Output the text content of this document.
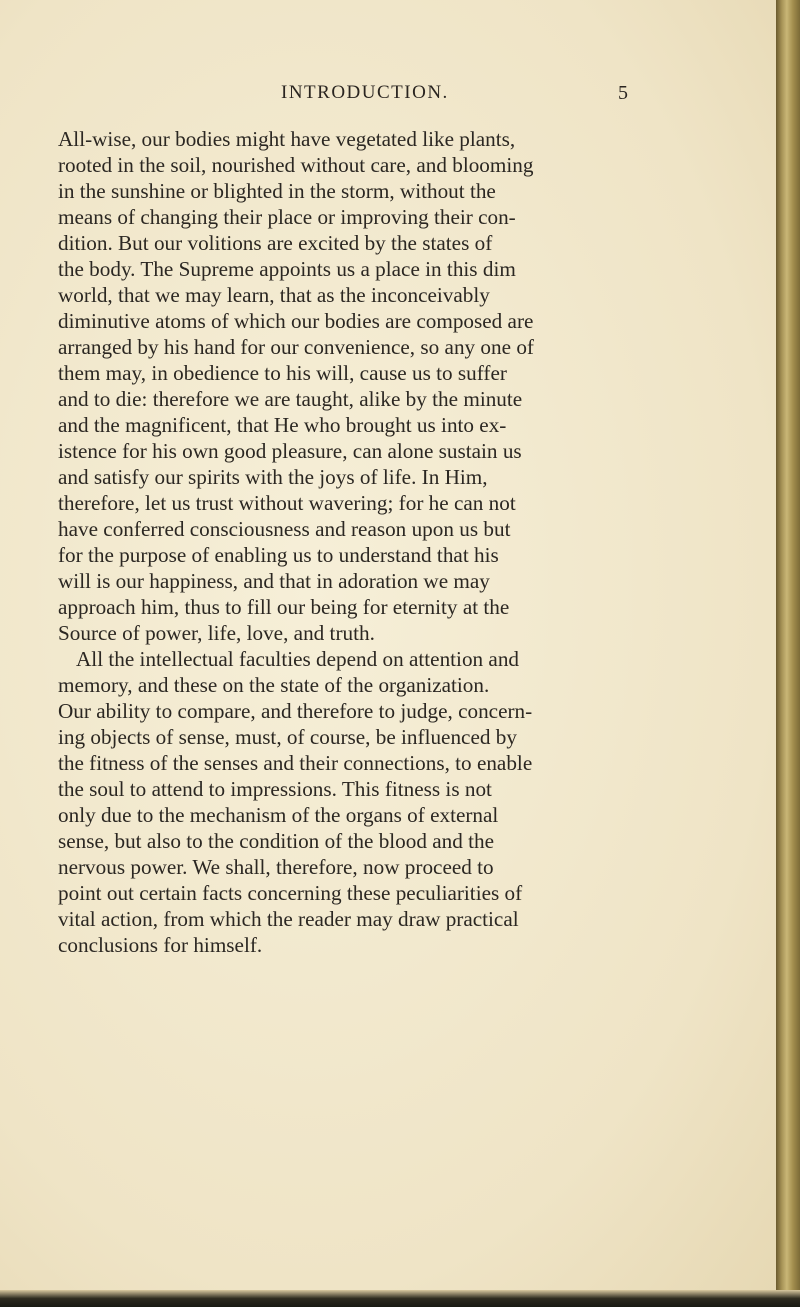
INTRODUCTION.	5
All-wise, our bodies might have vegetated like plants,
rooted in the soil, nourished without care, and blooming
in the sunshine or blighted in the storm, without the
means of changing their place or improving their con-
dition. But our volitions are excited by the states of
the body. The Supreme appoints us a place in this dim
world, that we may learn, that as the inconceivably
diminutive atoms of which our bodies are composed are
arranged by his hand for our convenience, so any one of
them may, in obedience to his will, cause us to suffer
and to die: therefore we are taught, alike by the minute
and the magnificent, that He who brought us into ex-
istence for his own good pleasure, can alone sustain us
and satisfy our spirits with the joys of life. In Him,
therefore, let us trust without wavering; for he can not
have conferred consciousness and reason upon us but
for the purpose of enabling us to understand that his
will is our happiness, and that in adoration we may
approach him, thus to fill our being for eternity at the
Source of power, life, love, and truth.
All the intellectual faculties depend on attention and
memory, and these on the state of the organization.
Our ability to compare, and therefore to judge, concern-
ing objects of sense, must, of course, be influenced by
the fitness of the senses and their connections, to enable
the soul to attend to impressions. This fitness is not
only due to the mechanism of the organs of external
sense, but also to the condition of the blood and the
nervous power. We shall, therefore, now proceed to
point out certain facts concerning these peculiarities of
vital action, from which the reader may draw practical
conclusions for himself.
